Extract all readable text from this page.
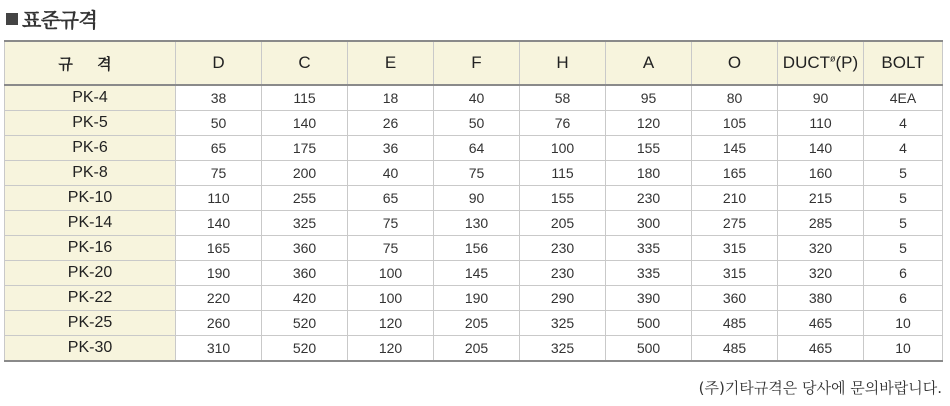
표준규격
규 격	D	C	E	F	H	A	O	$DUCT^ø(P)$	BOLT
PK-4	38	115	18	40	58	95	80	90	4EA
PK-5	50	140	26	50	76	120	105	110	4
PK-6	65	175	36	64	100	155	145	140	4
PK-8	75	200	40	75	115	180	165	160	5
PK-10	110	255	65	90	155	230	210	215	5
PK-14	140	325	75	130	205	300	275	285	5
PK-16	165	360	75	156	230	335	315	320	5
PK-20	190	360	100	145	230	335	315	320	6
PK-22	220	420	100	190	290	390	360	380	6
PK-25	260	520	120	205	325	500	485	465	10
PK-30	310	520	120	205	325	500	485	465	10
(주)기타규격은 당사에 문의바랍니다.
